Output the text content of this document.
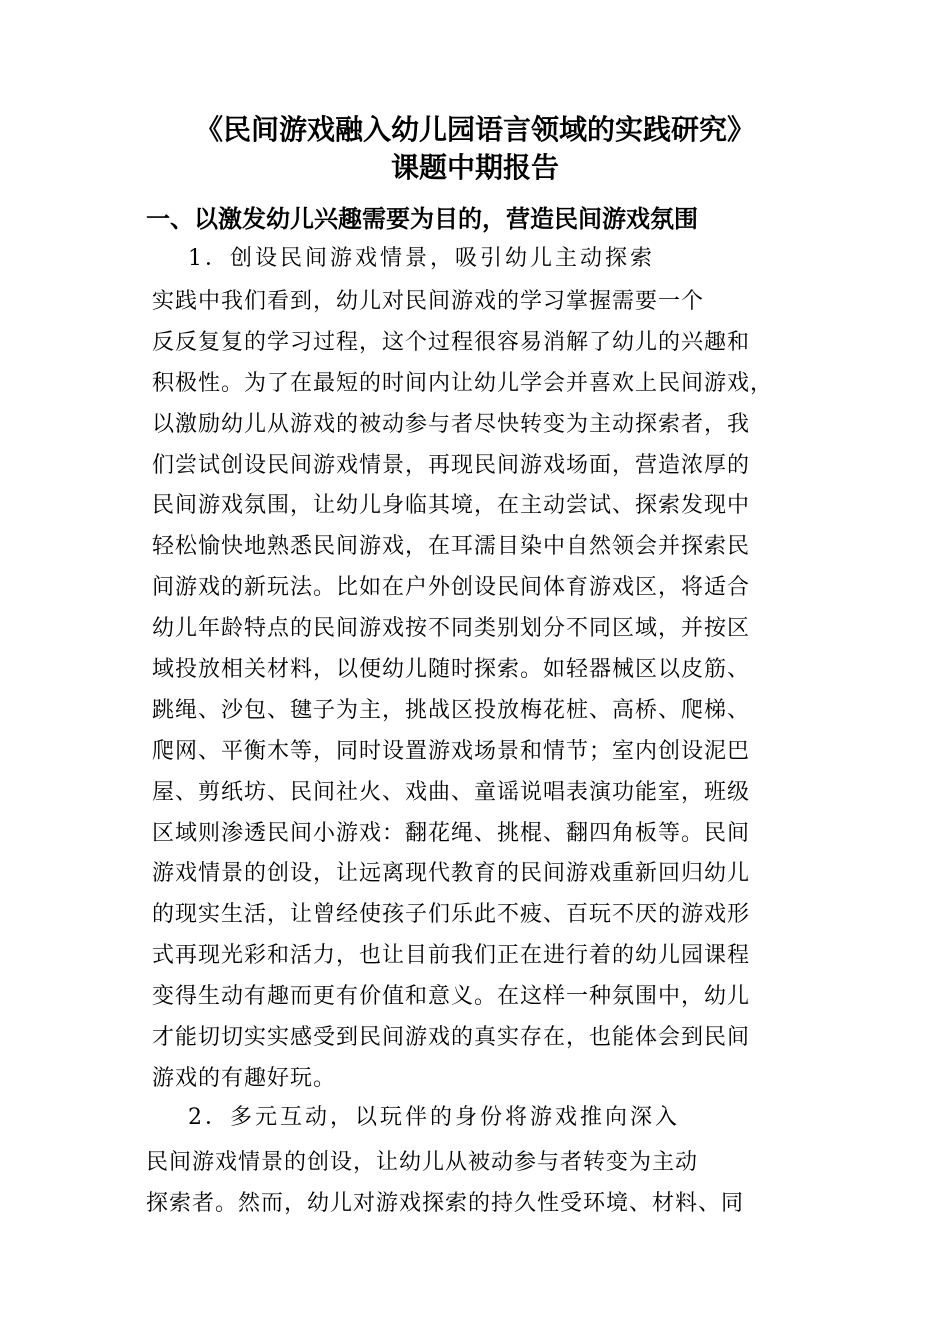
《民间游戏融入幼儿园语言领域的实践研究》
课题中期报告
一、以激发幼儿兴趣需要为目的，营造民间游戏氛围
1．创设民间游戏情景，吸引幼儿主动探索
实践中我们看到，幼儿对民间游戏的学习掌握需要一个
反反复复的学习过程，这个过程很容易消解了幼儿的兴趣和
积极性。为了在最短的时间内让幼儿学会并喜欢上民间游戏，
以激励幼儿从游戏的被动参与者尽快转变为主动探索者，我
们尝试创设民间游戏情景，再现民间游戏场面，营造浓厚的
民间游戏氛围，让幼儿身临其境，在主动尝试、探索发现中
轻松愉快地熟悉民间游戏，在耳濡目染中自然领会并探索民
间游戏的新玩法。比如在户外创设民间体育游戏区，将适合
幼儿年龄特点的民间游戏按不同类别划分不同区域，并按区
域投放相关材料，以便幼儿随时探索。如轻器械区以皮筋、
跳绳、沙包、毽子为主，挑战区投放梅花桩、高桥、爬梯、
爬网、平衡木等，同时设置游戏场景和情节；室内创设泥巴
屋、剪纸坊、民间社火、戏曲、童谣说唱表演功能室，班级
区域则渗透民间小游戏：翻花绳、挑棍、翻四角板等。民间
游戏情景的创设，让远离现代教育的民间游戏重新回归幼儿
的现实生活，让曾经使孩子们乐此不疲、百玩不厌的游戏形
式再现光彩和活力，也让目前我们正在进行着的幼儿园课程
变得生动有趣而更有价值和意义。在这样一种氛围中，幼儿
才能切切实实感受到民间游戏的真实存在，也能体会到民间
游戏的有趣好玩。
2．多元互动，以玩伴的身份将游戏推向深入
民间游戏情景的创设，让幼儿从被动参与者转变为主动
探索者。然而，幼儿对游戏探索的持久性受环境、材料、同
